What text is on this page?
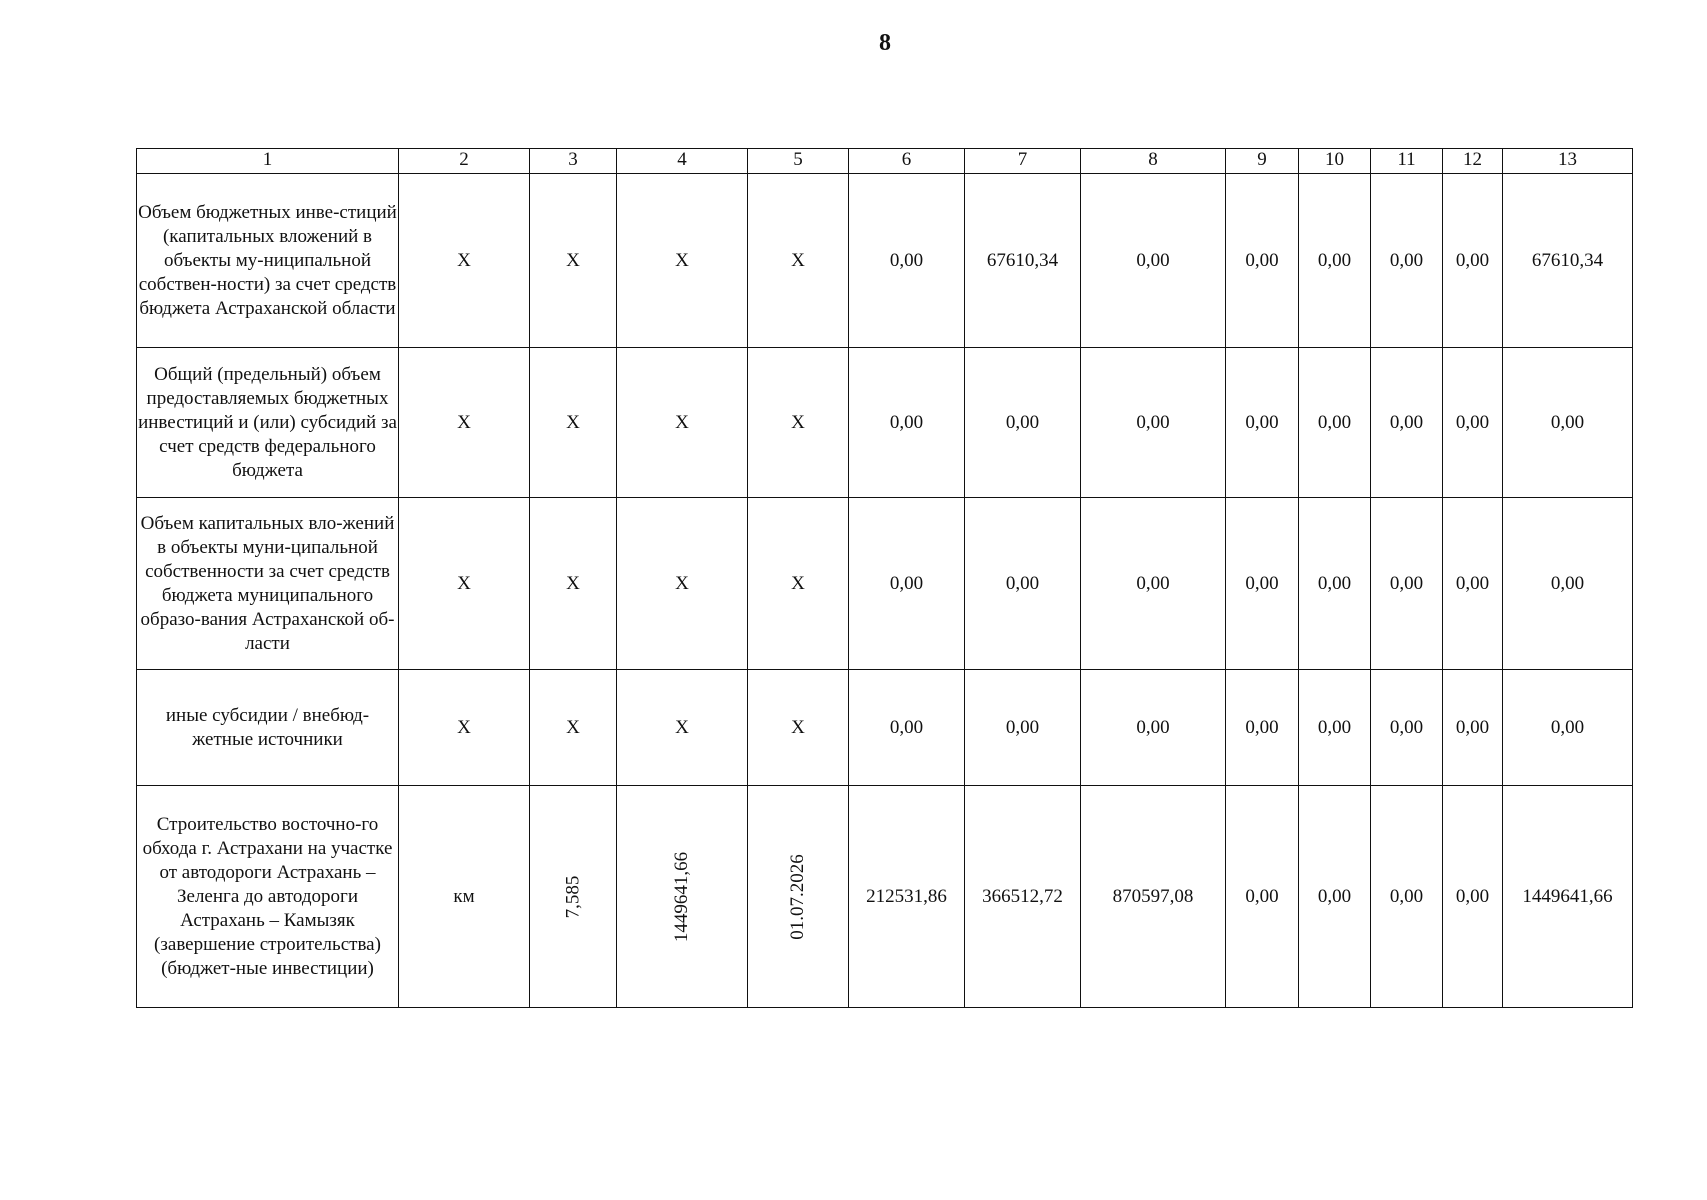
8
1	2	3	4	5	6	7	8	9	10	11	12	13
Объем бюджетных инве-стиций (капитальных вложений в объекты му-ниципальной собствен-ности) за счет средств бюджета Астраханской области	X	X	X	X	0,00	67610,34	0,00	0,00	0,00	0,00	0,00	67610,34
Общий (предельный) объем предоставляемых бюджетных инвестиций и (или) субсидий за счет средств федерального бюджета	X	X	X	X	0,00	0,00	0,00	0,00	0,00	0,00	0,00	0,00
Объем капитальных вло-жений в объекты муни-ципальной собственности за счет средств бюджета муниципального образо-вания Астраханской об-ласти	X	X	X	X	0,00	0,00	0,00	0,00	0,00	0,00	0,00	0,00
иные субсидии / внебюд-жетные источники	X	X	X	X	0,00	0,00	0,00	0,00	0,00	0,00	0,00	0,00
Строительство восточно-го обхода г. Астрахани на участке от автодороги Астрахань – Зеленга до автодороги Астрахань – Камызяк (завершение строительства) (бюджет-ные инвестиции)	км	7,585	1449641,66	01.07.2026	212531,86	366512,72	870597,08	0,00	0,00	0,00	0,00	1449641,66
